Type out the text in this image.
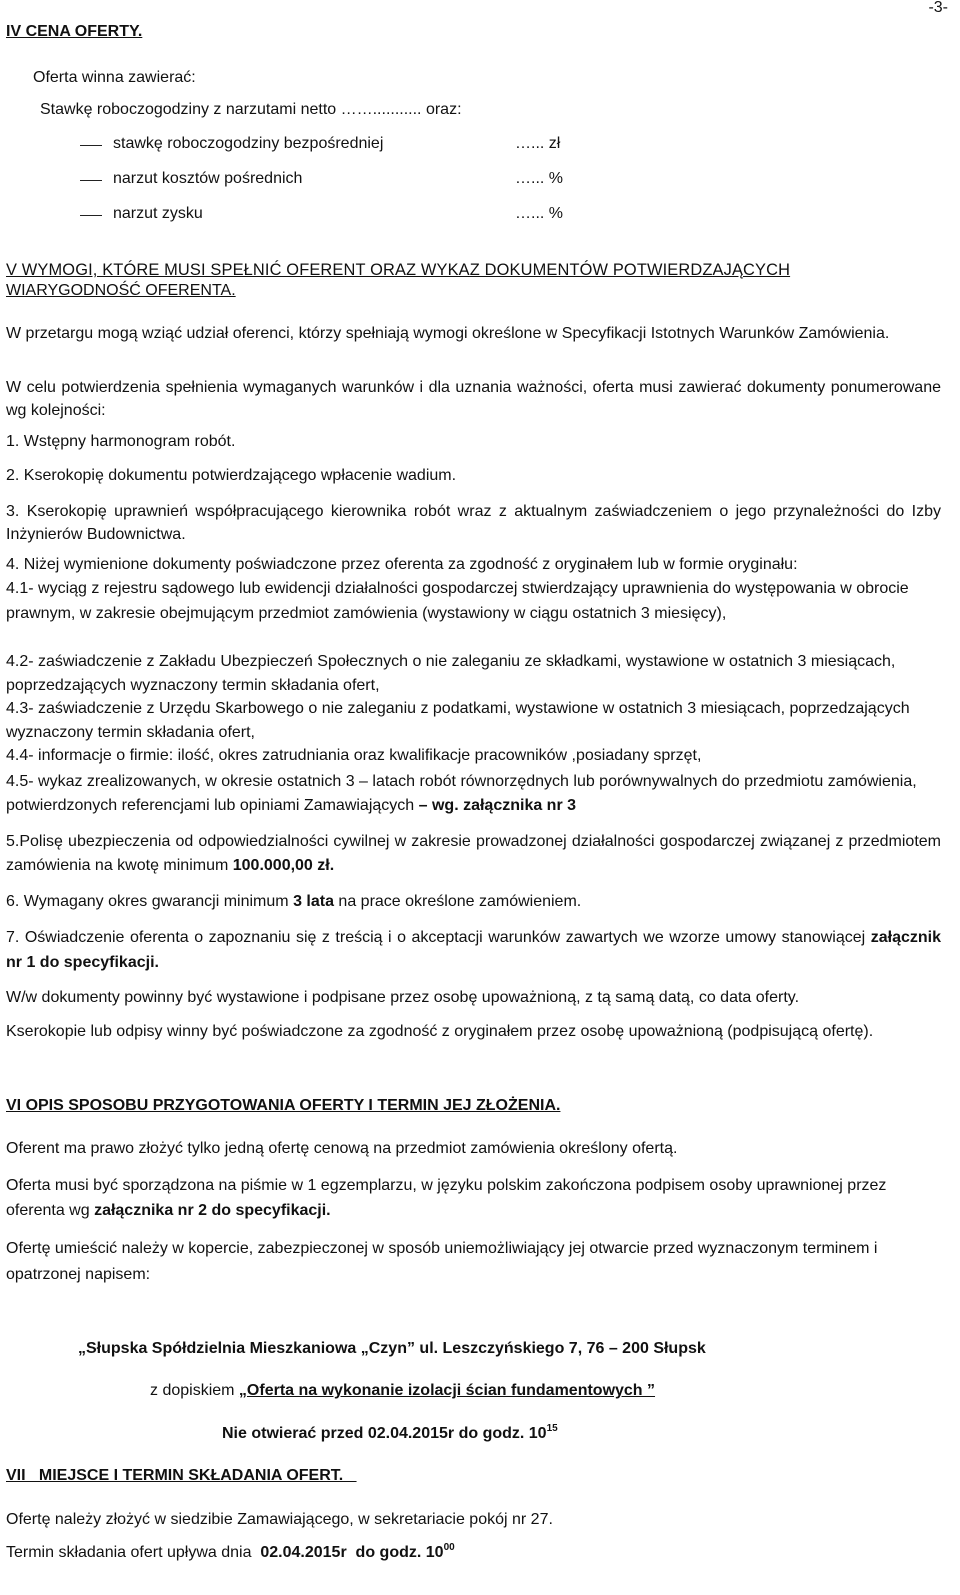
-3-
IV CENA OFERTY.
Oferta winna zawierać:
Stawkę roboczogodziny z narzutami netto ……........... oraz:
stawkę roboczogodziny bezpośredniej	…... zł
narzut kosztów pośrednich	…... %
narzut zysku	…... %
V WYMOGI, KTÓRE MUSI SPEŁNIĆ OFERENT ORAZ WYKAZ DOKUMENTÓW POTWIERDZAJĄCYCH
WIARYGODNOŚĆ OFERENTA.
W przetargu mogą wziąć udział oferenci, którzy spełniają wymogi określone w Specyfikacji Istotnych Warunków Zamówienia.
W celu potwierdzenia spełnienia wymaganych warunków i dla uznania ważności, oferta musi zawierać dokumenty ponumerowane wg kolejności:
1. Wstępny harmonogram robót.
2. Kserokopię dokumentu potwierdzającego wpłacenie wadium.
3. Kserokopię uprawnień współpracującego kierownika robót wraz z aktualnym zaświadczeniem o jego przynależności do Izby Inżynierów Budownictwa.
4. Niżej wymienione dokumenty poświadczone przez oferenta za zgodność z oryginałem lub w formie oryginału:
4.1- wyciąg z rejestru sądowego lub ewidencji działalności gospodarczej stwierdzający uprawnienia do występowania w obrocie prawnym, w zakresie obejmującym przedmiot zamówienia (wystawiony w ciągu ostatnich 3 miesięcy),
4.2- zaświadczenie z Zakładu Ubezpieczeń Społecznych o nie zaleganiu ze składkami, wystawione w ostatnich 3 miesiącach, poprzedzających wyznaczony termin składania ofert,
4.3- zaświadczenie z Urzędu Skarbowego o nie zaleganiu z podatkami, wystawione w ostatnich 3 miesiącach, poprzedzających wyznaczony termin składania ofert,
4.4- informacje o firmie: ilość, okres zatrudniania oraz kwalifikacje pracowników ,posiadany sprzęt,
4.5- wykaz zrealizowanych, w okresie ostatnich 3 – latach robót równorzędnych lub porównywalnych do przedmiotu zamówienia, potwierdzonych referencjami lub opiniami Zamawiających – wg. załącznika nr 3
5.Polisę ubezpieczenia od odpowiedzialności cywilnej w zakresie prowadzonej działalności gospodarczej związanej z przedmiotem zamówienia na kwotę minimum 100.000,00 zł.
6. Wymagany okres gwarancji minimum 3 lata na prace określone zamówieniem.
7. Oświadczenie oferenta o zapoznaniu się z treścią i o akceptacji warunków zawartych we wzorze umowy stanowiącej załącznik nr 1 do specyfikacji.
W/w dokumenty powinny być wystawione i podpisane przez osobę upoważnioną, z tą samą datą, co data oferty.
Kserokopie lub odpisy winny być poświadczone za zgodność z oryginałem przez osobę upoważnioną (podpisującą ofertę).
VI OPIS SPOSOBU PRZYGOTOWANIA OFERTY I TERMIN JEJ ZŁOŻENIA.
Oferent ma prawo złożyć tylko jedną ofertę cenową na przedmiot zamówienia określony ofertą.
Oferta musi być sporządzona na piśmie w 1 egzemplarzu, w języku polskim zakończona podpisem osoby uprawnionej przez oferenta wg załącznika nr 2 do specyfikacji.
Ofertę umieścić należy w kopercie, zabezpieczonej w sposób uniemożliwiający jej otwarcie przed wyznaczonym terminem i opatrzonej napisem:
„Słupska Spółdzielnia Mieszkaniowa „Czyn” ul. Leszczyńskiego 7, 76 – 200 Słupsk
z dopiskiem „Oferta na wykonanie izolacji ścian fundamentowych ”
Nie otwierać przed 02.04.2015r do godz. $10^{15}$
VII   MIEJSCE I TERMIN SKŁADANIA OFERT.
Ofertę należy złożyć w siedzibie Zamawiającego, w sekretariacie pokój nr 27.
Termin składania ofert upływa dnia  02.04.2015r  do godz. $10^{00}$
